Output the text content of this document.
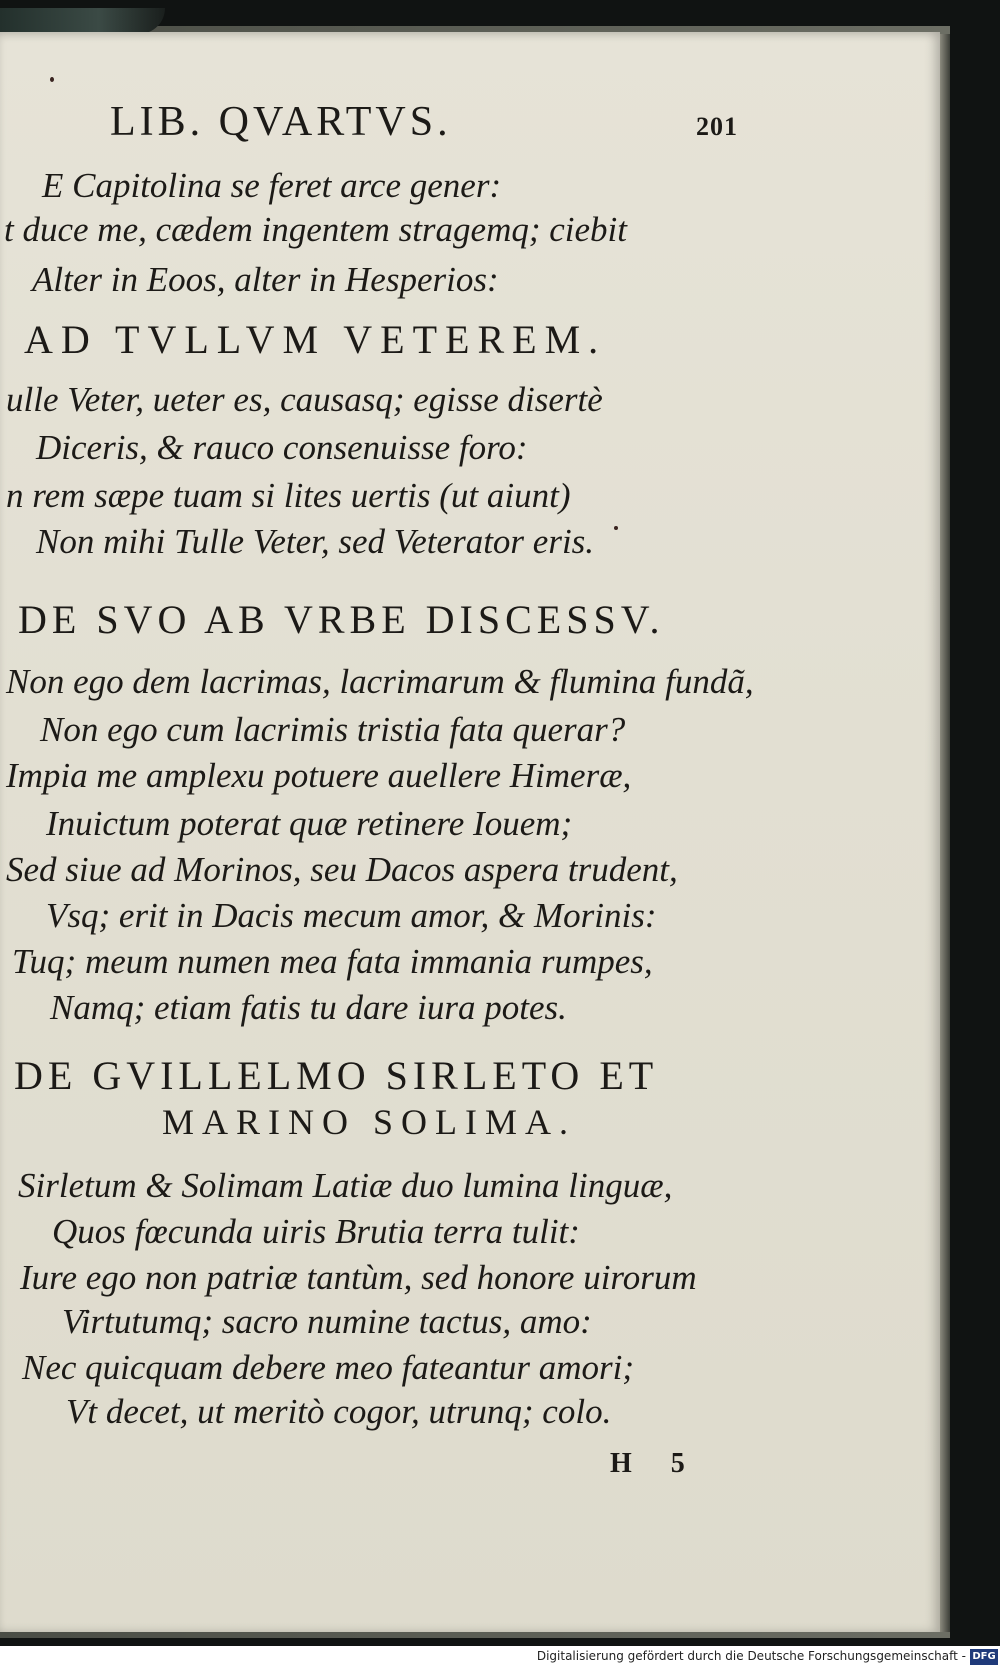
LIB. QVARTVS.	201
E Capitolina se feret arce gener:
t duce me, cædem ingentem stragemq; ciebit
Alter in Eoos, alter in Hesperios:
AD TVLLVM VETEREM.
ulle Veter, ueter es, causasq; egisse disertè
Diceris, & rauco consenuisse foro:
n rem sæpe tuam si lites uertis (ut aiunt)
Non mihi Tulle Veter, sed Veterator eris.
DE SVO AB VRBE DISCESSV.
Non ego dem lacrimas, lacrimarum & flumina fundã,
Non ego cum lacrimis tristia fata querar?
Impia me amplexu potuere auellere Himeræ,
Inuictum poterat quæ retinere Iouem;
Sed siue ad Morinos, seu Dacos aspera trudent,
Vsq; erit in Dacis mecum amor, & Morinis:
Tuq; meum numen mea fata immania rumpes,
Namq; etiam fatis tu dare iura potes.
DE GVILLELMO SIRLETO ET
MARINO SOLIMA.
Sirletum & Solimam Latiæ duo lumina linguæ,
Quos fœcunda uiris Brutia terra tulit:
Iure ego non patriæ tantùm, sed honore uirorum
Virtutumq; sacro numine tactus, amo:
Nec quicquam debere meo fateantur amori;
Vt decet, ut meritò cogor, utrunq; colo.
H 5
Digitalisierung gefördert durch die Deutsche Forschungsgemeinschaft - DFG
